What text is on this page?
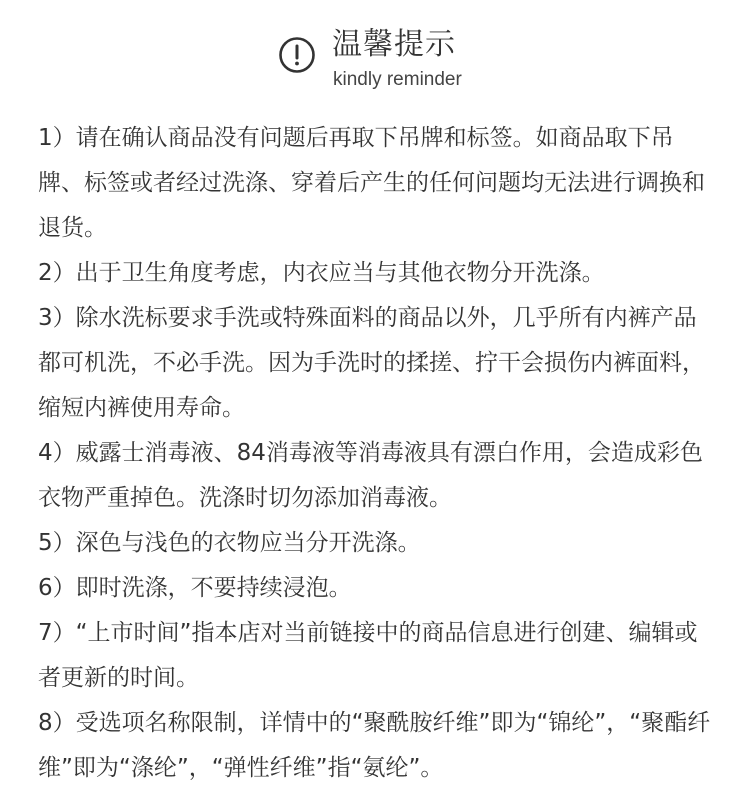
温馨提示
kindly reminder

1）请在确认商品没有问题后再取下吊牌和标签。如商品取下吊牌、标签或者经过洗涤、穿着后产生的任何问题均无法进行调换和退货。

2）出于卫生角度考虑，内衣应当与其他衣物分开洗涤。

3）除水洗标要求手洗或特殊面料的商品以外，几乎所有内裤产品都可机洗，不必手洗。因为手洗时的揉搓、拧干会损伤内裤面料，缩短内裤使用寿命。

4）威露士消毒液、84消毒液等消毒液具有漂白作用，会造成彩色衣物严重掉色。洗涤时切勿添加消毒液。

5）深色与浅色的衣物应当分开洗涤。

6）即时洗涤，不要持续浸泡。

7）“上市时间”指本店对当前链接中的商品信息进行创建、编辑或者更新的时间。

8）受选项名称限制，详情中的“聚酰胺纤维”即为“锦纶”，“聚酯纤维”即为“涤纶”，“弹性纤维”指“氨纶”。
